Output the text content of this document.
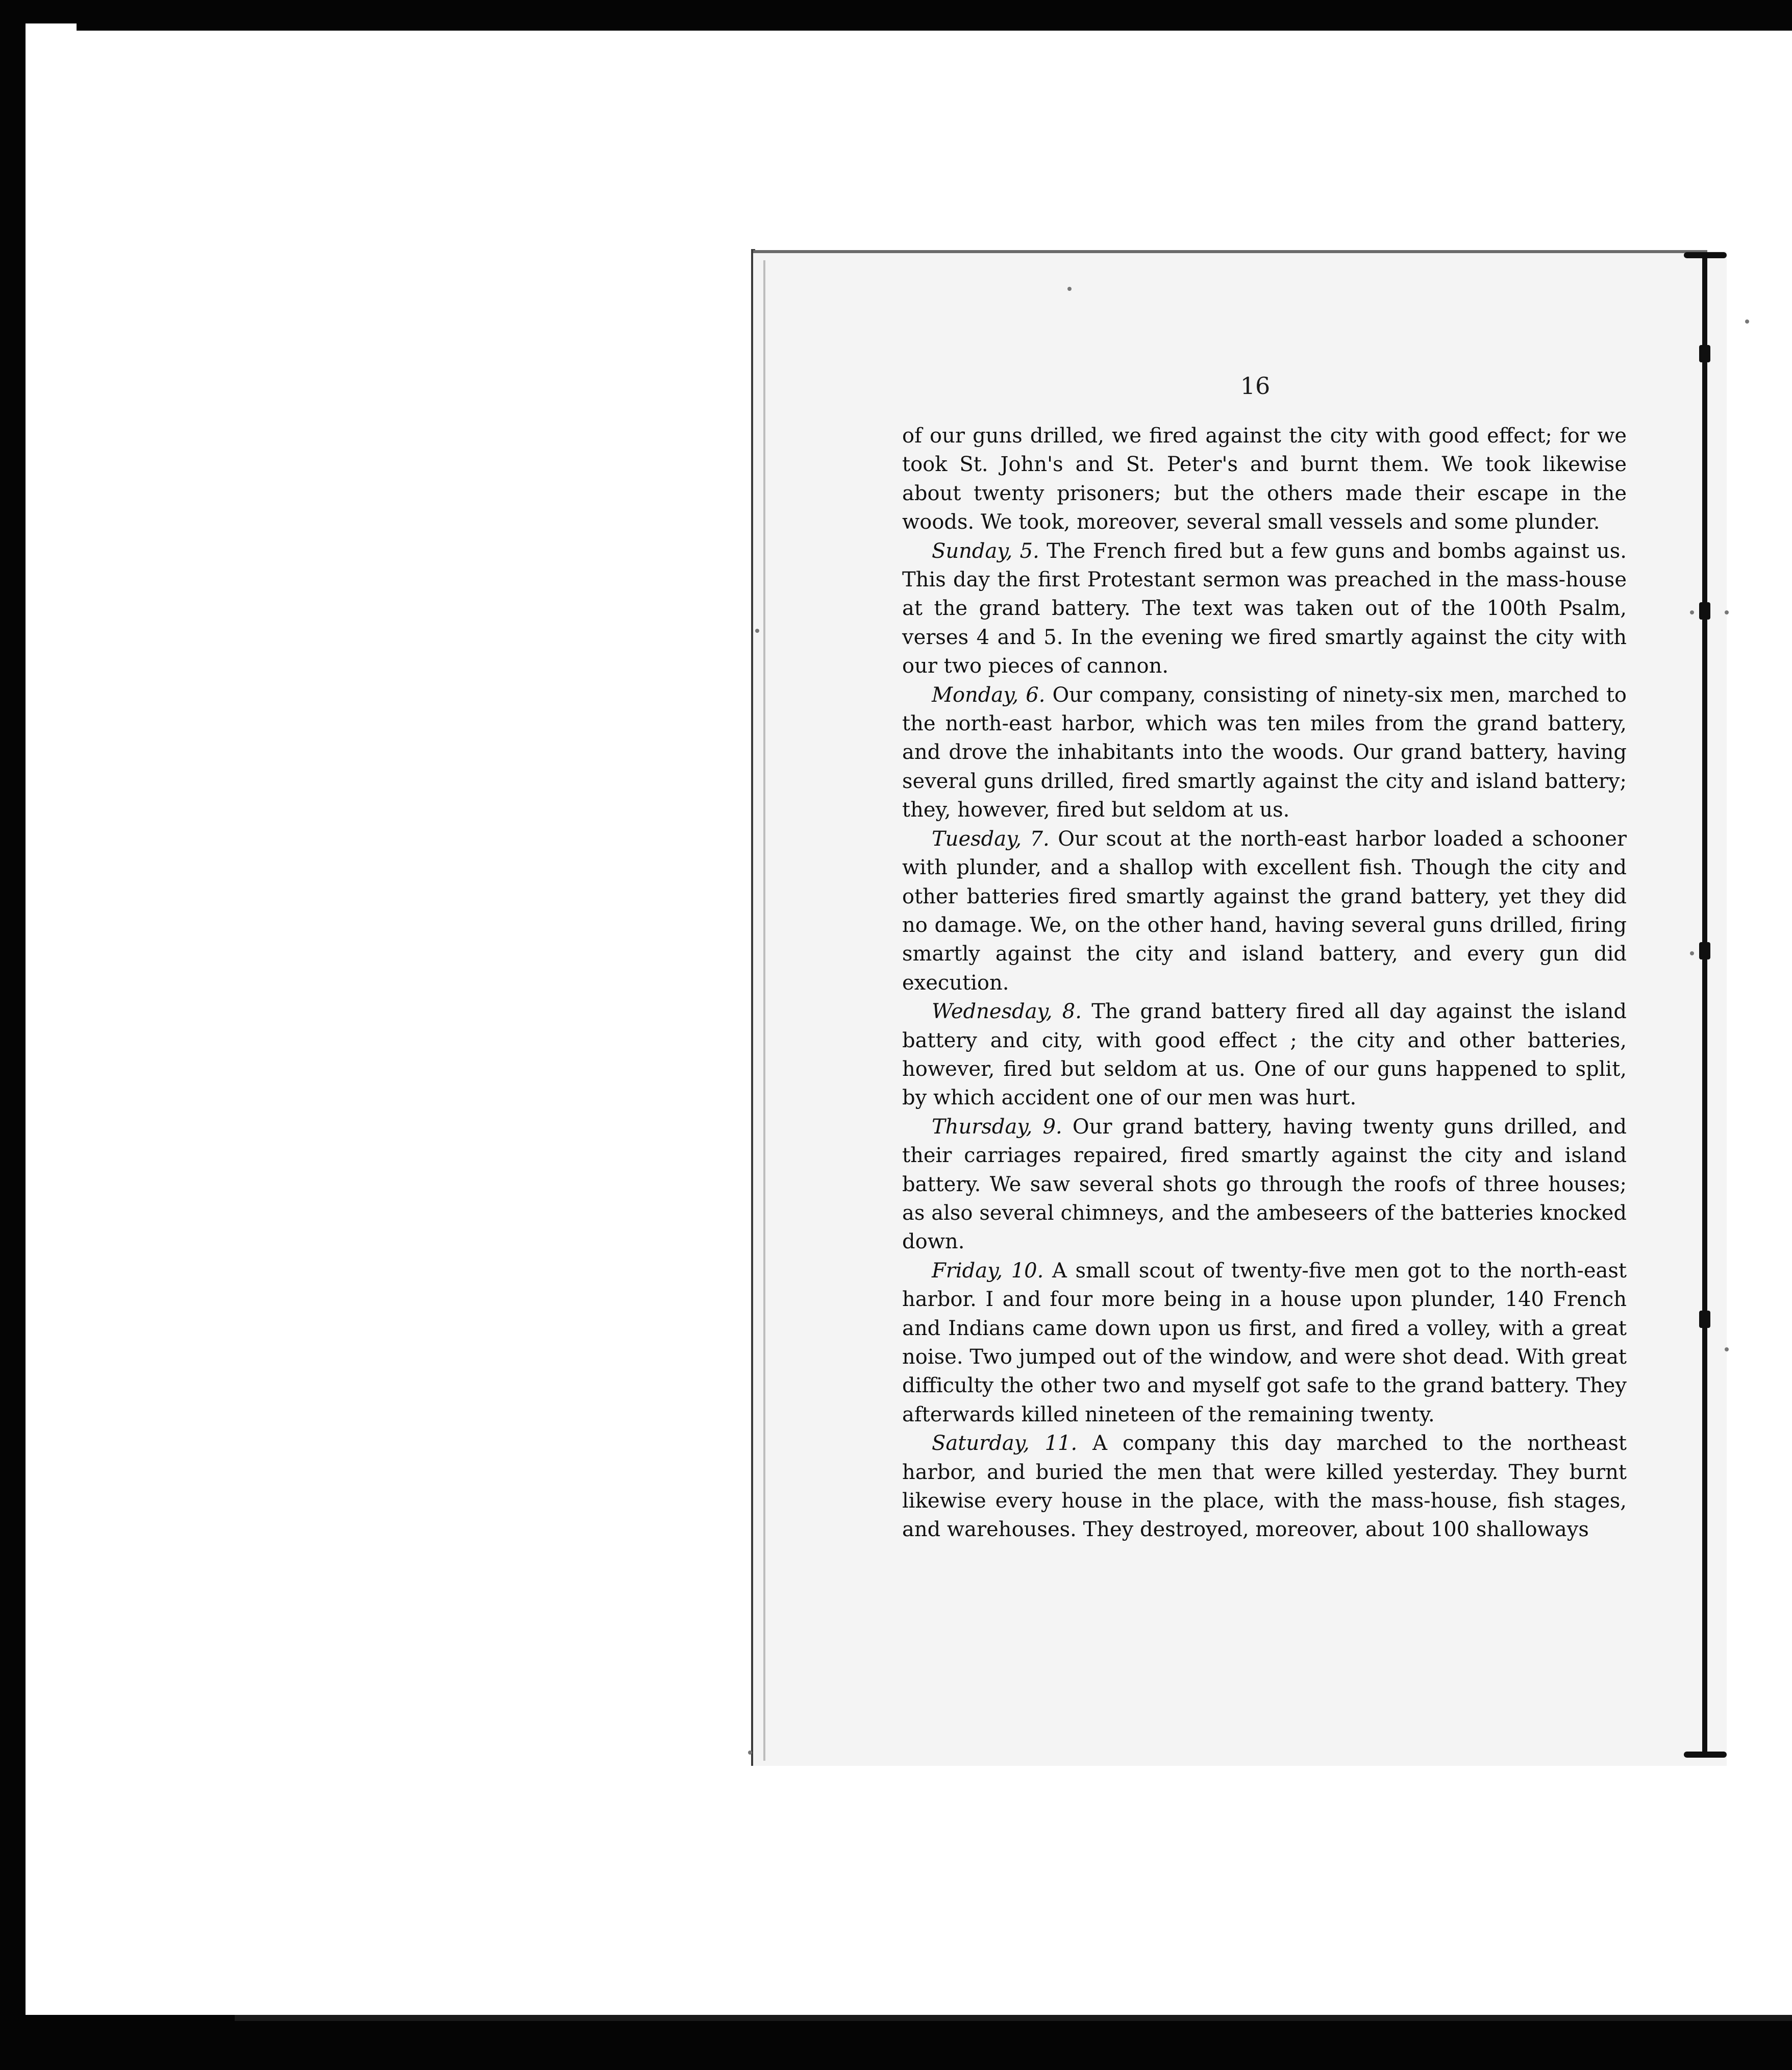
16

of our guns drilled, we fired against the city with good effect; for we took St. John's and St. Peter's and burnt them. We took likewise about twenty prisoners; but the others made their escape in the woods. We took, moreover, several small vessels and some plunder.

Sunday, 5. The French fired but a few guns and bombs against us. This day the first Protestant sermon was preached in the mass-house at the grand battery. The text was taken out of the 100th Psalm, verses 4 and 5. In the evening we fired smartly against the city with our two pieces of cannon.

Monday, 6. Our company, consisting of ninety-six men, marched to the north-east harbor, which was ten miles from the grand battery, and drove the inhabitants into the woods. Our grand battery, having several guns drilled, fired smartly against the city and island battery; they, however, fired but seldom at us.

Tuesday, 7. Our scout at the north-east harbor loaded a schooner with plunder, and a shallop with excellent fish. Though the city and other batteries fired smartly against the grand battery, yet they did no damage. We, on the other hand, having several guns drilled, firing smartly against the city and island battery, and every gun did execution.

Wednesday, 8. The grand battery fired all day against the island battery and city, with good effect ; the city and other batteries, however, fired but seldom at us. One of our guns happened to split, by which accident one of our men was hurt.

Thursday, 9. Our grand battery, having twenty guns drilled, and their carriages repaired, fired smartly against the city and island battery. We saw several shots go through the roofs of three houses; as also several chimneys, and the ambeseers of the batteries knocked down.

Friday, 10. A small scout of twenty-five men got to the north-east harbor. I and four more being in a house upon plunder, 140 French and Indians came down upon us first, and fired a volley, with a great noise. Two jumped out of the window, and were shot dead. With great difficulty the other two and myself got safe to the grand battery. They afterwards killed nineteen of the remaining twenty.

Saturday, 11. A company this day marched to the northeast harbor, and buried the men that were killed yesterday. They burnt likewise every house in the place, with the mass-house, fish stages, and warehouses. They destroyed, moreover, about 100 shalloways
